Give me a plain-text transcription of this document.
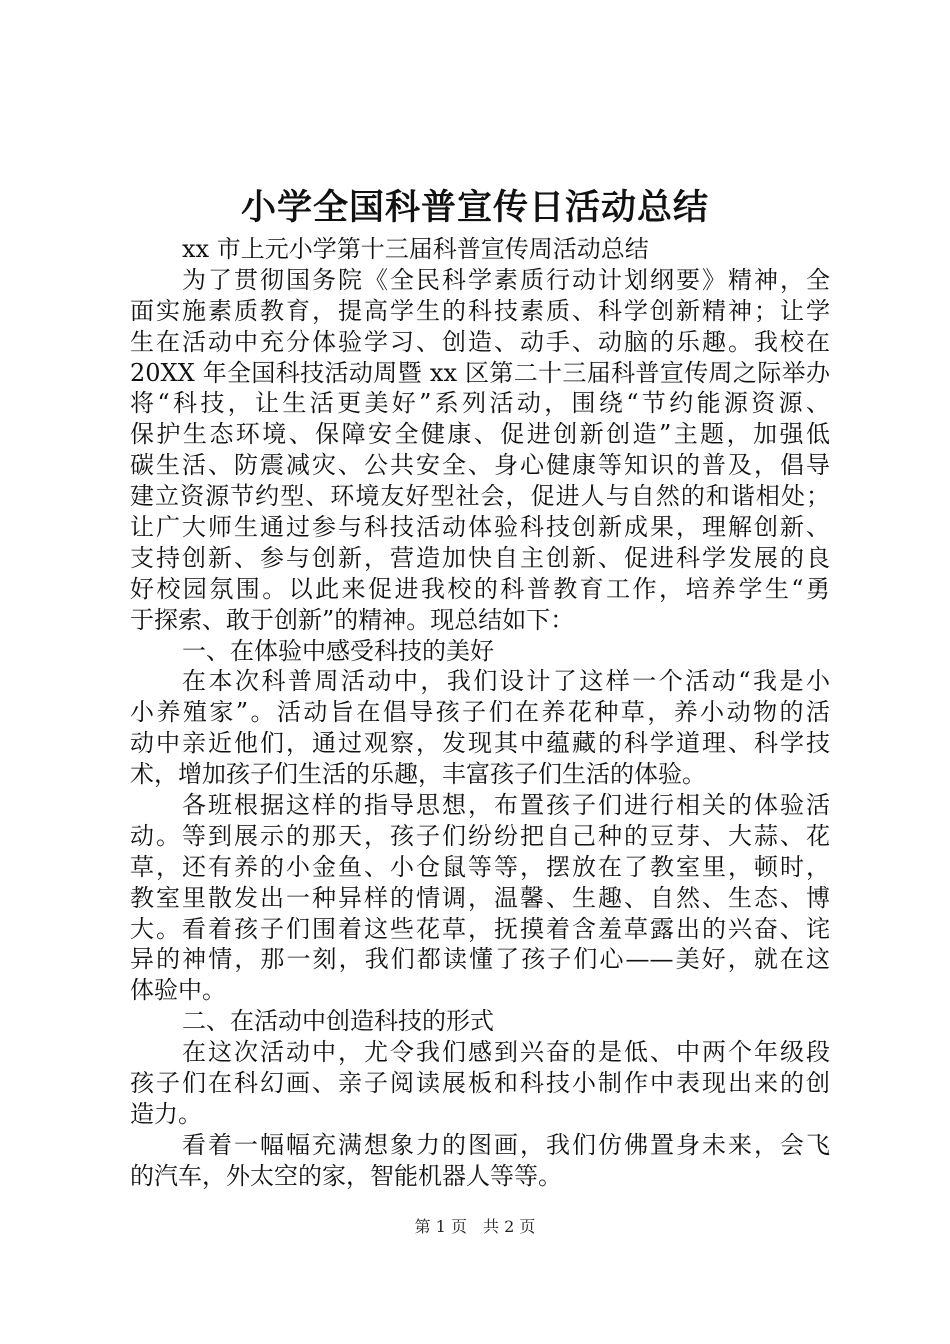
小学全国科普宣传日活动总结
xx 市上元小学第十三届科普宣传周活动总结
为了贯彻国务院《全民科学素质行动计划纲要》精神，全
面实施素质教育，提高学生的科技素质、科学创新精神；让学
生在活动中充分体验学习、创造、动手、动脑的乐趣。我校在
20XX 年全国科技活动周暨 xx 区第二十三届科普宣传周之际举办
将“科技，让生活更美好”系列活动，围绕“节约能源资源、
保护生态环境、保障安全健康、促进创新创造”主题，加强低
碳生活、防震减灾、公共安全、身心健康等知识的普及，倡导
建立资源节约型、环境友好型社会，促进人与自然的和谐相处；
让广大师生通过参与科技活动体验科技创新成果，理解创新、
支持创新、参与创新，营造加快自主创新、促进科学发展的良
好校园氛围。以此来促进我校的科普教育工作，培养学生“勇
于探索、敢于创新”的精神。现总结如下：
一、在体验中感受科技的美好
在本次科普周活动中，我们设计了这样一个活动“我是小
小养殖家”。活动旨在倡导孩子们在养花种草，养小动物的活
动中亲近他们，通过观察，发现其中蕴藏的科学道理、科学技
术，增加孩子们生活的乐趣，丰富孩子们生活的体验。
各班根据这样的指导思想，布置孩子们进行相关的体验活
动。等到展示的那天，孩子们纷纷把自己种的豆芽、大蒜、花
草，还有养的小金鱼、小仓鼠等等，摆放在了教室里，顿时，
教室里散发出一种异样的情调，温馨、生趣、自然、生态、博
大。看着孩子们围着这些花草，抚摸着含羞草露出的兴奋、诧
异的神情，那一刻，我们都读懂了孩子们心——美好，就在这
体验中。
二、在活动中创造科技的形式
在这次活动中，尤令我们感到兴奋的是低、中两个年级段
孩子们在科幻画、亲子阅读展板和科技小制作中表现出来的创
造力。
看着一幅幅充满想象力的图画，我们仿佛置身未来，会飞
的汽车，外太空的家，智能机器人等等。
第 1 页  共 2 页
